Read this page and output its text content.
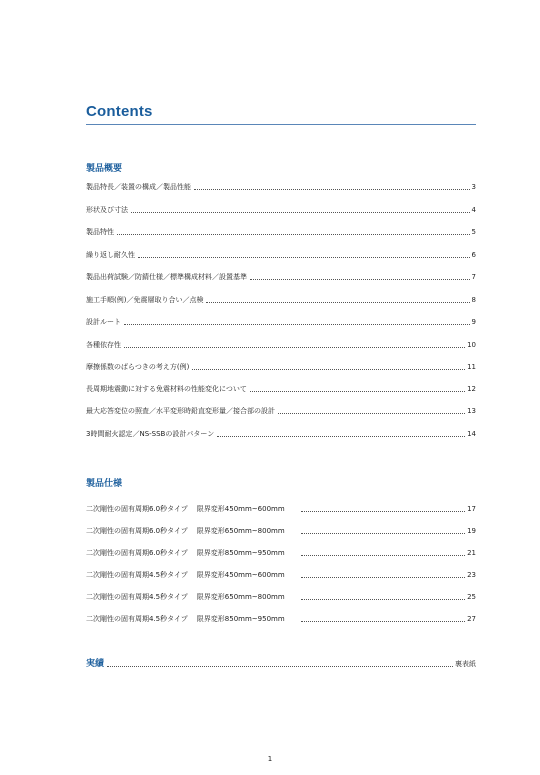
Contents
製品概要
製品特長／装置の構成／製品性能	3
形状及び寸法	4
製品特性	5
繰り返し耐久性	6
製品出荷試験／防錆仕様／標準構成材料／設置基準	7
施工手順(例)／免震層取り合い／点検	8
設計ルート	9
各種依存性	10
摩擦係数のばらつきの考え方(例)	11
長周期地震動に対する免震材料の性能変化について	12
最大応答変位の照査／水平変形時鉛直変形量／接合部の設計	13
3時間耐火認定／NS-SSBの設計パターン	14
製品仕様
二次剛性の固有周期6.0秒タイプ 限界変形450mm~600mm	17
二次剛性の固有周期6.0秒タイプ 限界変形650mm~800mm	19
二次剛性の固有周期6.0秒タイプ 限界変形850mm~950mm	21
二次剛性の固有周期4.5秒タイプ 限界変形450mm~600mm	23
二次剛性の固有周期4.5秒タイプ 限界変形650mm~800mm	25
二次剛性の固有周期4.5秒タイプ 限界変形850mm~950mm	27
実績	裏表紙
1
